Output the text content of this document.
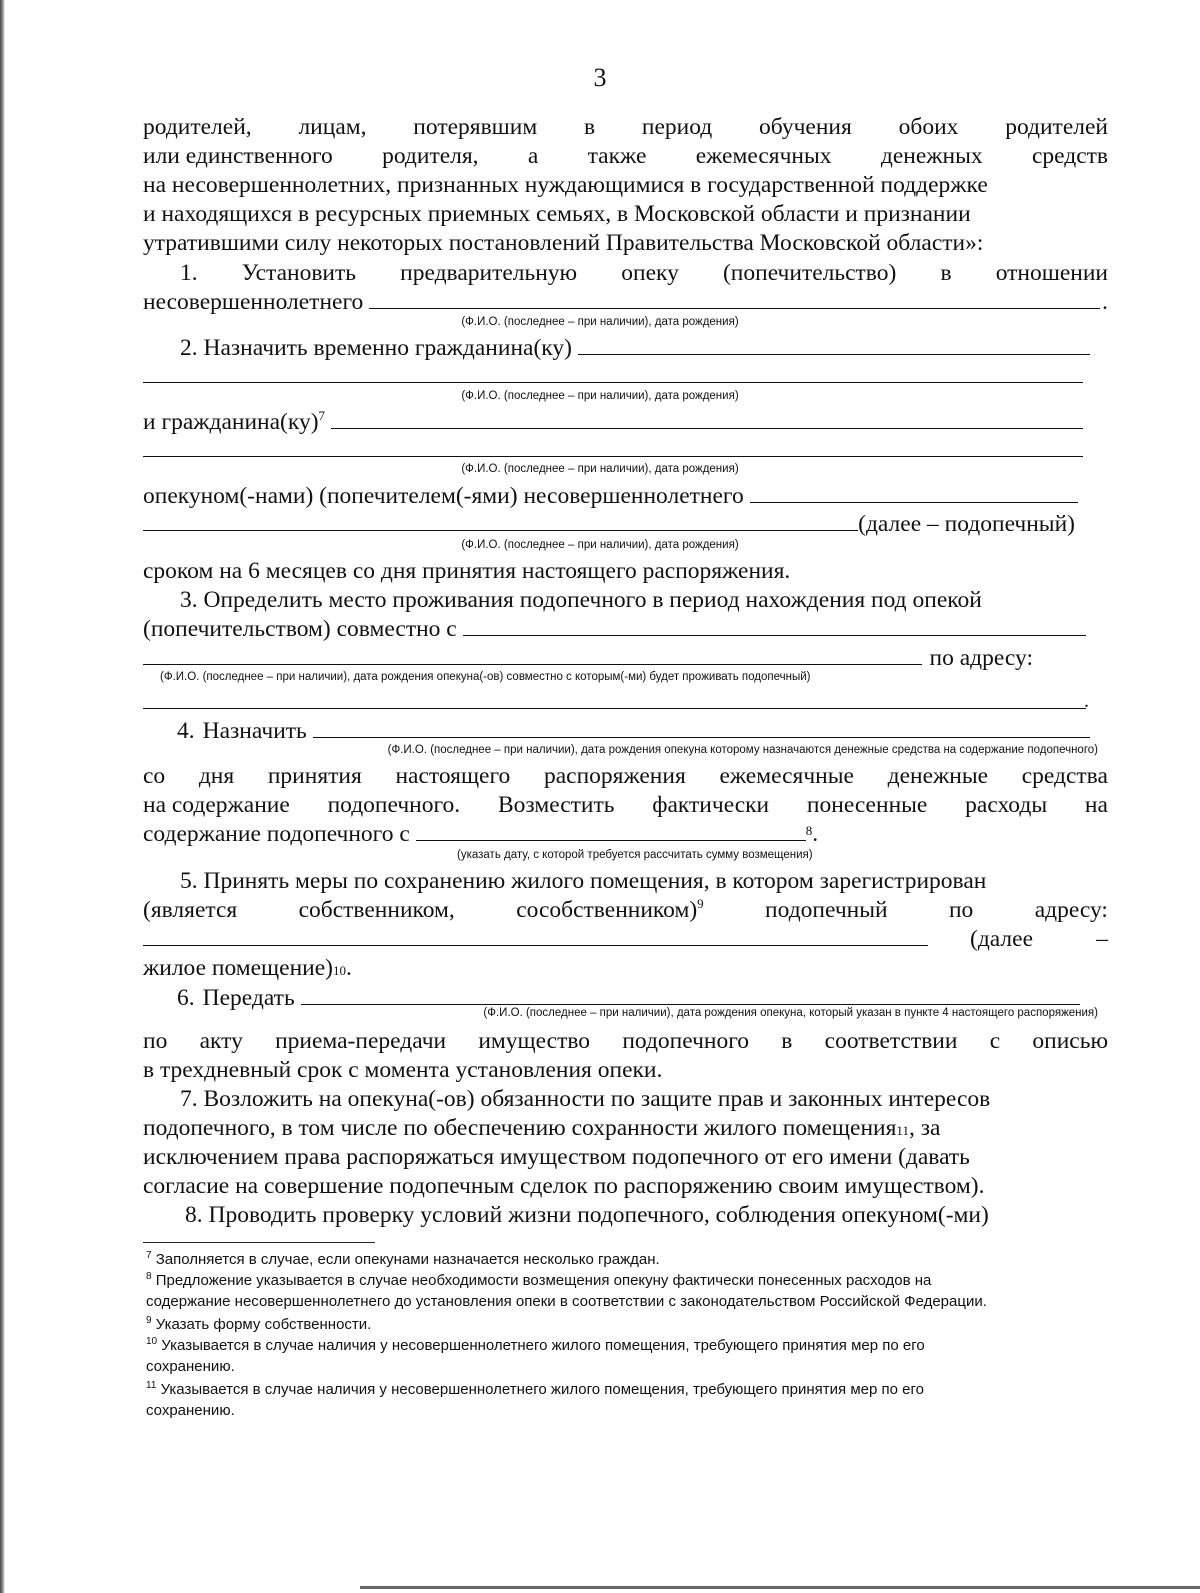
3
родителей, лицам, потерявшим в период обучения обоих родителей
или единственного родителя, а также ежемесячных денежных средств
на несовершеннолетних, признанных нуждающимися в государственной поддержке
и находящихся в ресурсных приемных семьях, в Московской области и признании
утратившими силу некоторых постановлений Правительства Московской области»:
1. Установить предварительную опеку (попечительство) в отношении
несовершеннолетнего	.
(Ф.И.О. (последнее – при наличии), дата рождения)
2. Назначить временно гражданина(ку)
(Ф.И.О. (последнее – при наличии), дата рождения)
и гражданина(ку)$^7$
(Ф.И.О. (последнее – при наличии), дата рождения)
опекуном(-нами) (попечителем(-ями) несовершеннолетнего
(далее – подопечный)
(Ф.И.О. (последнее – при наличии), дата рождения)
сроком на 6 месяцев со дня принятия настоящего распоряжения.
3. Определить место проживания подопечного в период нахождения под опекой
(попечительством) совместно с
по адресу:
(Ф.И.О. (последнее – при наличии), дата рождения опекуна(-ов) совместно с которым(-ми) будет проживать подопечный)
.
4. Назначить
(Ф.И.О. (последнее – при наличии), дата рождения опекуна которому назначаются денежные средства на содержание подопечного)
со дня принятия настоящего распоряжения ежемесячные денежные средства
на содержание подопечного. Возместить фактически понесенные расходы на
содержание подопечного с	$^8$ .
(указать дату, с которой требуется рассчитать сумму возмещения)
5. Принять меры по сохранению жилого помещения, в котором зарегистрирован
(является	собственником,	сособственником)$^9$	подопечный	по	адресу:
(далее	–
жилое помещение) 10 .
6. Передать
(Ф.И.О. (последнее – при наличии), дата рождения опекуна, который указан в пункте 4 настоящего распоряжения)
по акту приема-передачи имущество подопечного в соответствии с описью
в трехдневный срок с момента установления опеки.
7. Возложить на опекуна(-ов) обязанности по защите прав и законных интересов
подопечного, в том числе по обеспечению сохранности жилого помещения 11 , за
исключением права распоряжаться имуществом подопечного от его имени (давать
согласие на совершение подопечным сделок по распоряжению своим имуществом).
8. Проводить проверку условий жизни подопечного, соблюдения опекуном(-ми)
$^7$ Заполняется в случае, если опекунами назначается несколько граждан.
$^8$ Предложение указывается в случае необходимости возмещения опекуну фактически понесенных расходов на
содержание несовершеннолетнего до установления опеки в соответствии с законодательством Российской Федерации.
$^9$ Указать форму собственности.
$^{10}$ Указывается в случае наличия у несовершеннолетнего жилого помещения, требующего принятия мер по его
сохранению.
$^{11}$ Указывается в случае наличия у несовершеннолетнего жилого помещения, требующего принятия мер по его
сохранению.
